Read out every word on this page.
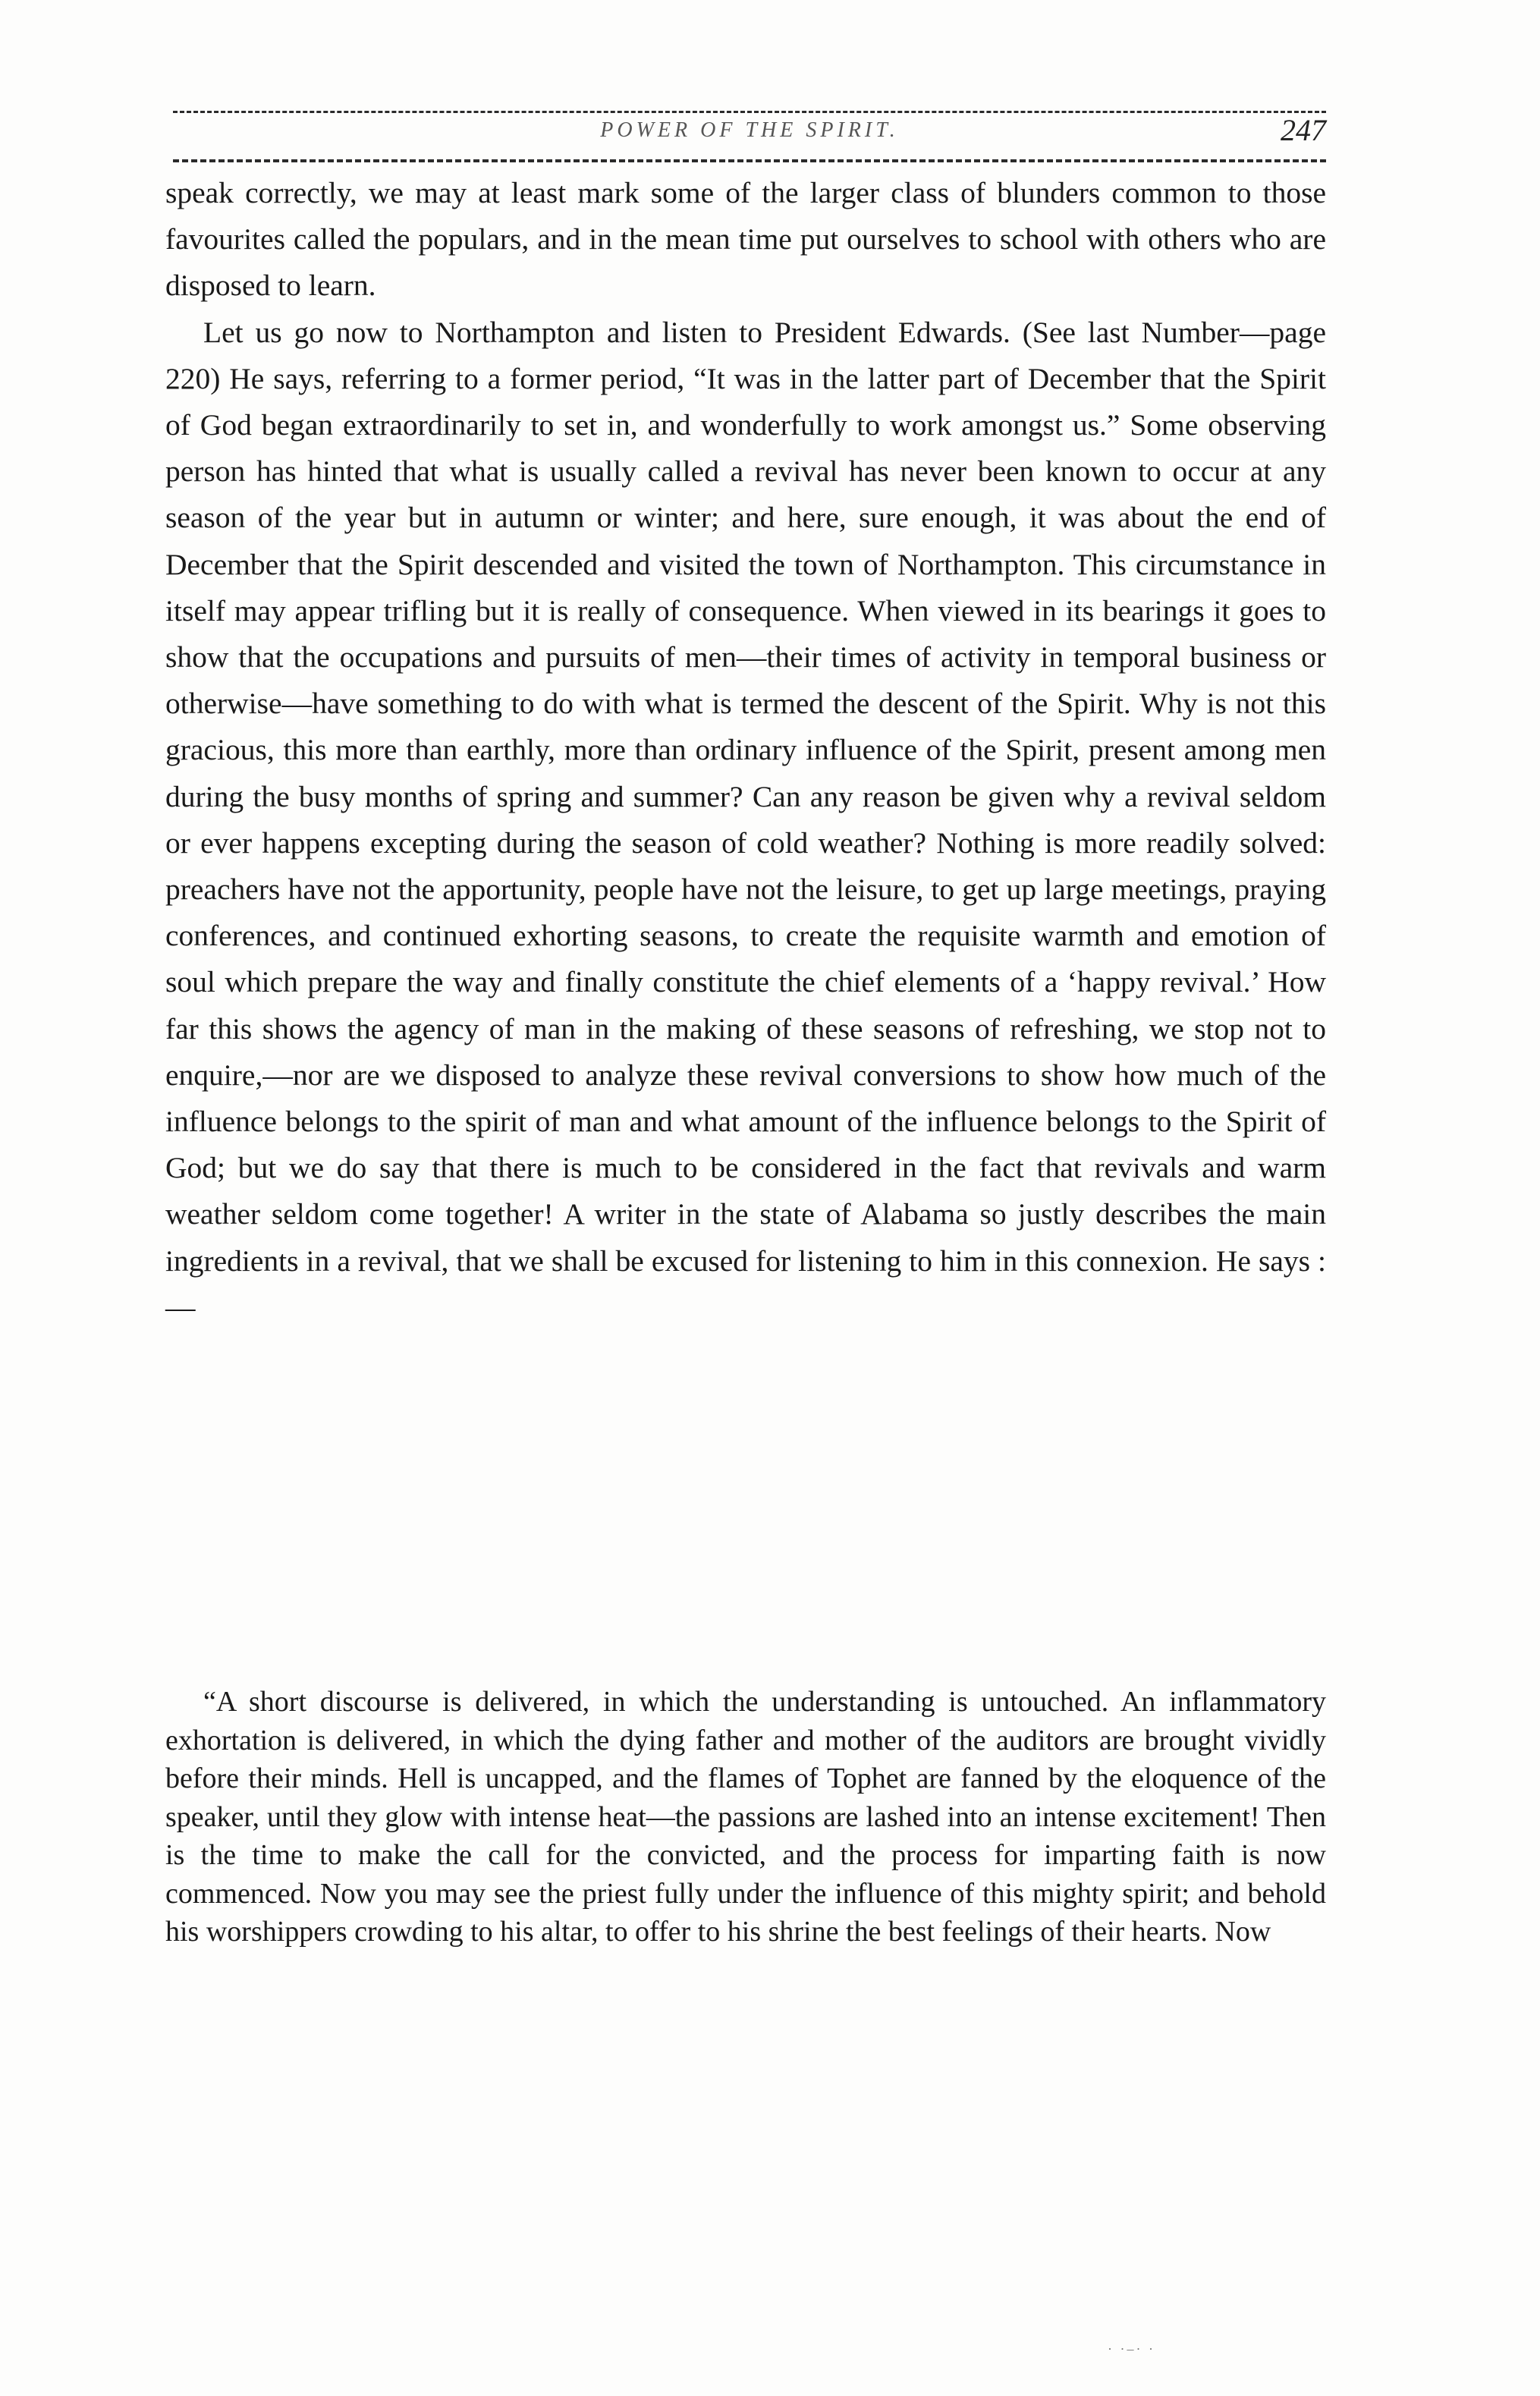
POWER OF THE SPIRIT.	247

speak correctly, we may at least mark some of the larger class of blunders common to those favourites called the populars, and in the mean time put ourselves to school with others who are disposed to learn.

Let us go now to Northampton and listen to President Edwards. (See last Number—page 220) He says, referring to a former period, “It was in the latter part of December that the Spirit of God began extraordinarily to set in, and wonderfully to work amongst us.” Some observing person has hinted that what is usually called a revival has never been known to occur at any season of the year but in autumn or winter; and here, sure enough, it was about the end of December that the Spirit descended and visited the town of Northampton. This circumstance in itself may appear trifling but it is really of consequence. When viewed in its bearings it goes to show that the occupations and pursuits of men—their times of activity in temporal business or otherwise—have something to do with what is termed the descent of the Spirit. Why is not this gracious, this more than earthly, more than ordinary influence of the Spirit, present among men during the busy months of spring and summer? Can any reason be given why a revival seldom or ever happens excepting during the season of cold weather? Nothing is more readily solved: preachers have not the apportunity, people have not the leisure, to get up large meetings, praying conferences, and continued exhorting seasons, to create the requisite warmth and emotion of soul which prepare the way and finally constitute the chief elements of a ‘happy revival.’ How far this shows the agency of man in the making of these seasons of refreshing, we stop not to enquire,—nor are we disposed to analyze these revival conversions to show how much of the influence belongs to the spirit of man and what amount of the influence belongs to the Spirit of God; but we do say that there is much to be considered in the fact that revivals and warm weather seldom come together! A writer in the state of Alabama so justly describes the main ingredients in a revival, that we shall be excused for listening to him in this connexion. He says :—

“A short discourse is delivered, in which the understanding is untouched. An inflammatory exhortation is delivered, in which the dying father and mother of the auditors are brought vividly before their minds. Hell is uncapped, and the flames of Tophet are fanned by the eloquence of the speaker, until they glow with intense heat—the passions are lashed into an intense excitement! Then is the time to make the call for the convicted, and the process for imparting faith is now commenced. Now you may see the priest fully under the influence of this mighty spirit; and behold his worshippers crowding to his altar, to offer to his shrine the best feelings of their hearts. Now

· ·–· ·
